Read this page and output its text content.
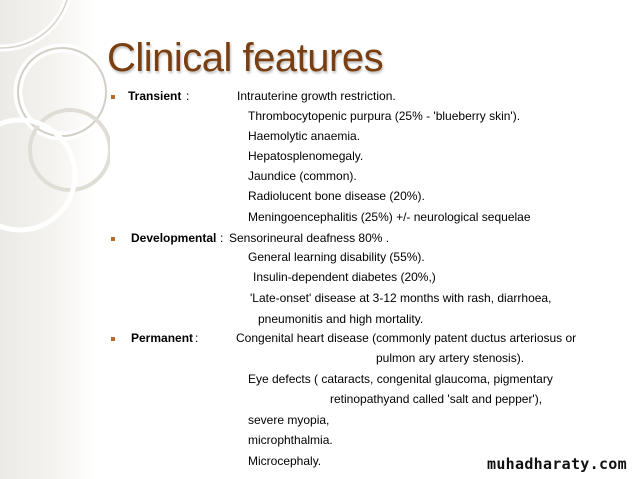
Clinical features
Transient :	Intrauterine growth restriction.
Thrombocytopenic purpura (25% - 'blueberry skin').
Haemolytic anaemia.
Hepatosplenomegaly.
Jaundice (common).
Radiolucent bone disease (20%).
Meningoencephalitis (25%) +/- neurological sequelae
Developmental : Sensorineural deafness 80% .
General learning disability (55%).
Insulin-dependent diabetes (20%,)
'Late-onset' disease at 3-12 months with rash, diarrhoea,
pneumonitis and high mortality.
Permanent :	Congenital heart disease (commonly patent ductus arteriosus or
pulmon ary artery stenosis).
Eye defects ( cataracts, congenital glaucoma, pigmentary
retinopathyand called 'salt and pepper'),
severe myopia,
microphthalmia.
Microcephaly.	muhadharaty.com
